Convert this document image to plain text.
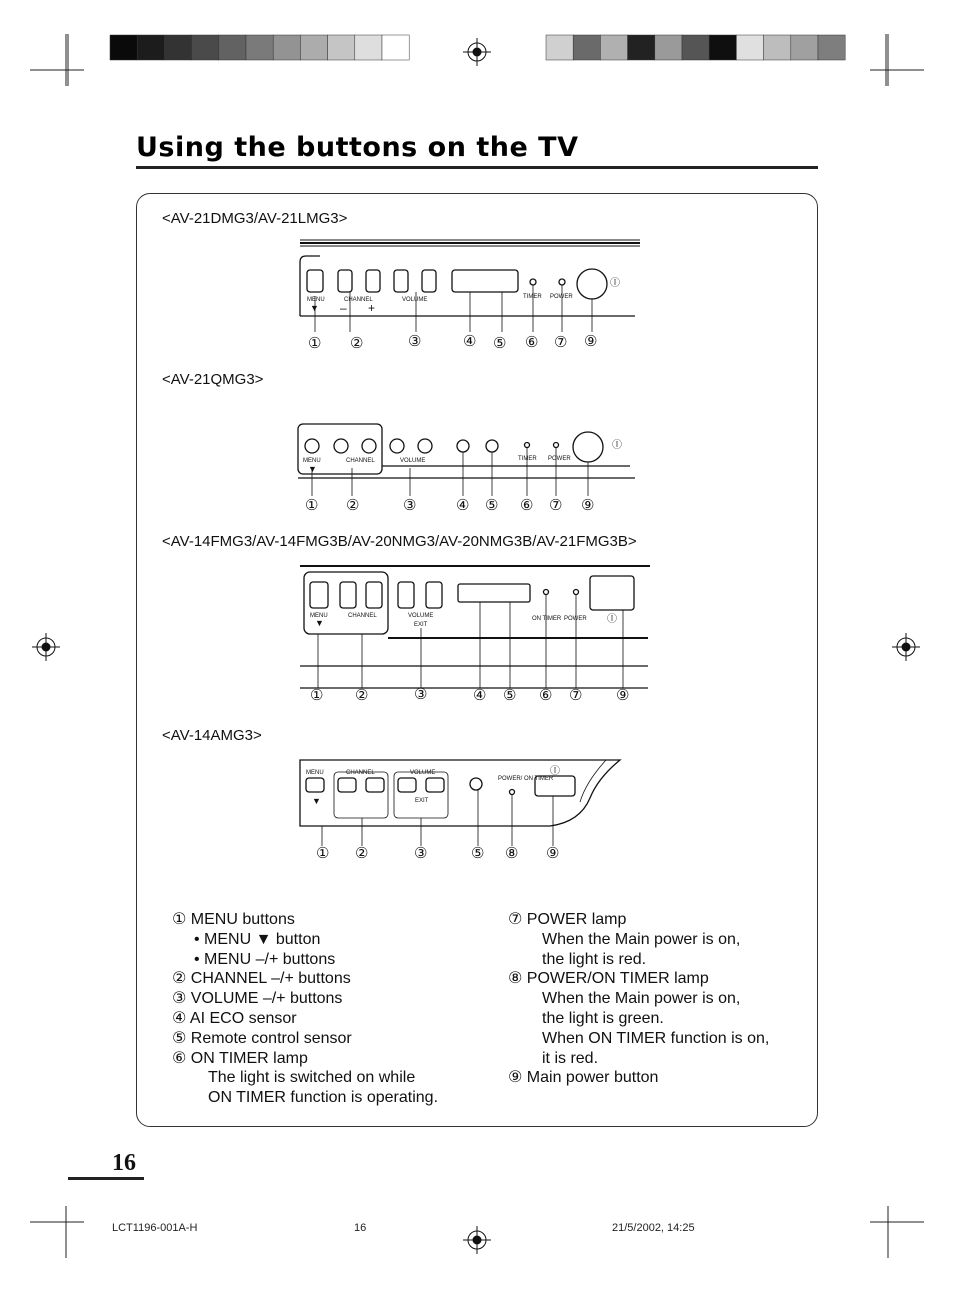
Using the buttons on the TV
<AV-21DMG3/AV-21LMG3>
<AV-21QMG3>
<AV-14FMG3/AV-14FMG3B/AV-20NMG3/AV-20NMG3B/AV-21FMG3B>
<AV-14AMG3>
MENU	CHANNEL	VOLUME	TIMER POWER
▼ – +
Ⓘ
① ②	③	④ ⑤ ⑥ ⑦ ⑨
MENU	CHANNEL	VOLUME	TIMER POWER
▼
Ⓘ
① ②	③	④ ⑤ ⑥ ⑦ ⑨
MENU	CHANNEL	VOLUME
EXIT
ON TIMER POWER
▼	Ⓘ
① ②	③	④ ⑤ ⑥ ⑦ ⑨
MENU	CHANNEL	VOLUME
EXIT
POWER/ ON TIMER
▼
Ⓘ
① ②	③	⑤ ⑧ ⑨
① MENU buttons
• MENU ▼ button
• MENU –/+ buttons
② CHANNEL –/+ buttons
③ VOLUME –/+ buttons
④ AI ECO sensor
⑤ Remote control sensor
⑥ ON TIMER lamp
The light is switched on while
ON TIMER function is operating.
⑦ POWER lamp
When the Main power is on,
the light is red.
⑧ POWER/ON TIMER lamp
When the Main power is on,
the light is green.
When ON TIMER function is on,
it is red.
⑨ Main power button
16
LCT1196-001A-H	16	21/5/2002, 14:25
